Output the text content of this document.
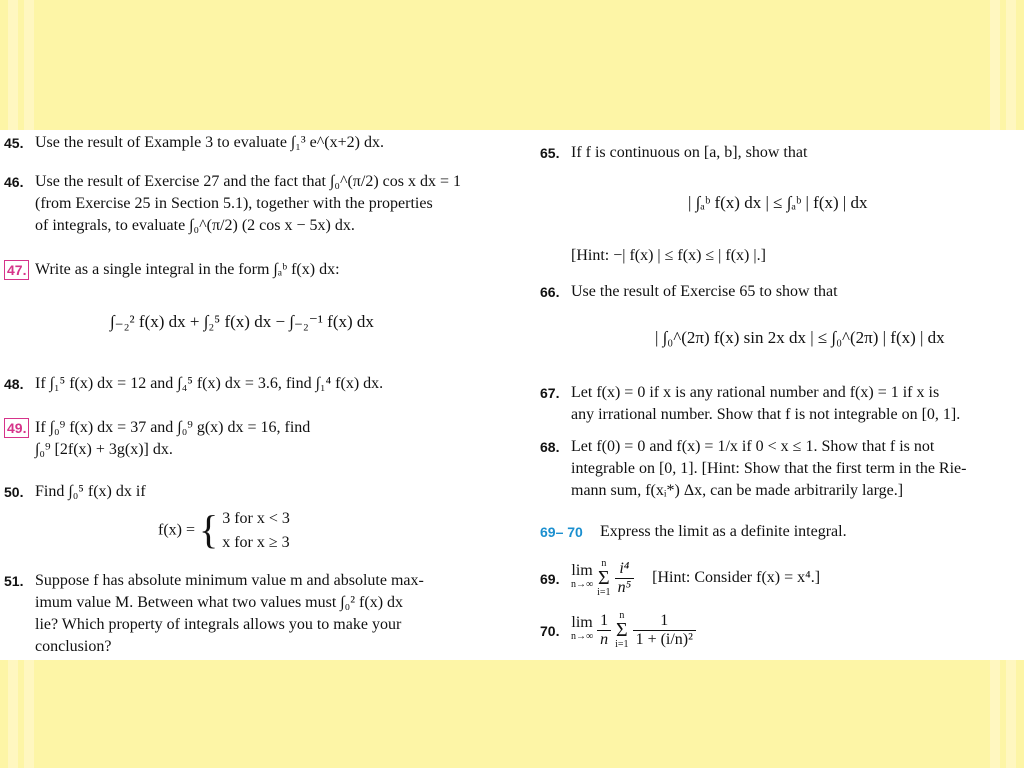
45. Use the result of Example 3 to evaluate ∫₁³ e^(x+2) dx.
46. Use the result of Exercise 27 and the fact that ∫₀^(π/2) cos x dx = 1
(from Exercise 25 in Section 5.1), together with the properties
of integrals, to evaluate ∫₀^(π/2) (2 cos x − 5x) dx.
47. Write as a single integral in the form ∫ₐᵇ f(x) dx:
∫₋₂² f(x) dx + ∫₂⁵ f(x) dx − ∫₋₂⁻¹ f(x) dx
48. If ∫₁⁵ f(x) dx = 12 and ∫₄⁵ f(x) dx = 3.6, find ∫₁⁴ f(x) dx.
49. If ∫₀⁹ f(x) dx = 37 and ∫₀⁹ g(x) dx = 16, find
∫₀⁹ [2f(x) + 3g(x)] dx.
50. Find ∫₀⁵ f(x) dx if
f(x) = { 3 for x < 3
x for x ≥ 3
51. Suppose f has absolute minimum value m and absolute max-
imum value M. Between what two values must ∫₀² f(x) dx
lie? Which property of integrals allows you to make your
conclusion?
65. If f is continuous on [a, b], show that
| ∫ₐᵇ f(x) dx | ≤ ∫ₐᵇ | f(x) | dx
[Hint: −| f(x) | ≤ f(x) ≤ | f(x) |.]
66. Use the result of Exercise 65 to show that
| ∫₀^(2π) f(x) sin 2x dx | ≤ ∫₀^(2π) | f(x) | dx
67. Let f(x) = 0 if x is any rational number and f(x) = 1 if x is
any irrational number. Show that f is not integrable on [0, 1].
68. Let f(0) = 0 and f(x) = 1/x if 0 < x ≤ 1. Show that f is not
integrable on [0, 1]. [Hint: Show that the first term in the Rie-
mann sum, f(xᵢ*) Δx, can be made arbitrarily large.]
69– 70 Express the limit as a definite integral.
69. lim
n→∞

n
Σ
i=1
$\frac{\text{i⁴}}{\text{n⁵}}$ [Hint: Consider f(x) = x⁴.]
70. lim
n→∞
$\frac{1}{n}$
n
Σ
i=1
$\frac{1}{\text{1 + (i/n)²}}$
